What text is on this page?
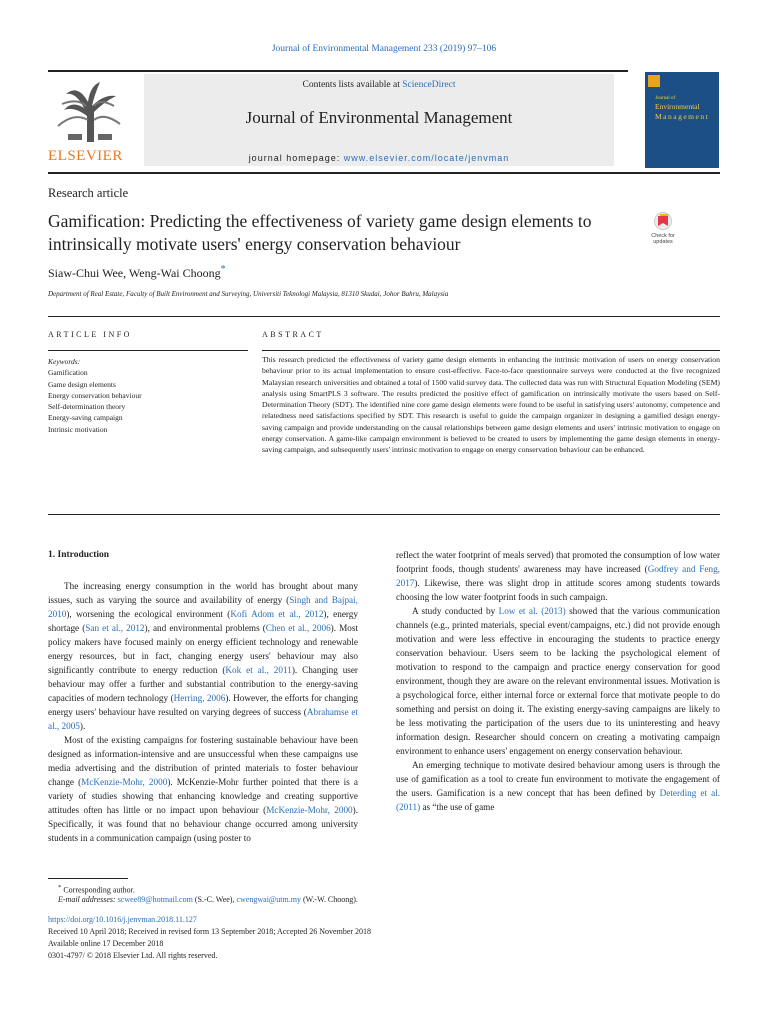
Journal of Environmental Management 233 (2019) 97–106
ELSEVIER
Contents lists available at ScienceDirect
Journal of Environmental Management
journal homepage: www.elsevier.com/locate/jenvman
Journal of
Environmental
Management
Research article
Gamification: Predicting the effectiveness of variety game design elements to intrinsically motivate users' energy conservation behaviour	Check for
updates
Siaw-Chui Wee, Weng-Wai Choong*
Department of Real Estate, Faculty of Built Environment and Surveying, Universiti Teknologi Malaysia, 81310 Skudai, Johor Bahru, Malaysia
ARTICLE INFO	ABSTRACT
Keywords:
Gamification
Game design elements
Energy conservation behaviour
Self-determination theory
Energy-saving campaign
Intrinsic motivation
This research predicted the effectiveness of variety game design elements in enhancing the intrinsic motivation of users on energy conservation behaviour prior to its actual implementation to ensure cost-effective. Face-to-face questionnaire surveys were conducted at the five recognized Malaysian research universities and obtained a total of 1500 valid survey data. The collected data was run with Structural Equation Modeling (SEM) analysis using SmartPLS 3 software. The results predicted the positive effect of gamification on intrinsically motivate the users based on Self-Determination Theory (SDT). The identified nine core game design elements were found to be useful in satisfying users' autonomy, competence and relatedness need satisfactions specified by SDT. This research is useful to guide the campaign organizer in designing a gamified design energy-saving campaign and provide understanding on the causal relationships between game design elements and users' intrinsic motivation to engage on energy conservation. A game-like campaign environment is believed to be created to users by implementing the game design elements in energy-saving campaign, and subsequently users' intrinsic motivation to engage on energy conservation behaviour can be enhanced.
1. Introduction

The increasing energy consumption in the world has brought about many issues, such as varying the source and availability of energy (Singh and Bajpai, 2010), worsening the ecological environment (Kofi Adom et al., 2012), energy shortage (San et al., 2012), and environmental problems (Chen et al., 2006). Most policy makers have focused mainly on energy efficient technology and renewable energy resources, but in fact, changing energy users' behaviour may also significantly contribute to energy reduction (Kok et al., 2011). Changing user behaviour may offer a further and substantial contribution to the energy-saving capacities of modern technology (Herring, 2006). However, the efforts for changing energy users' behaviour have resulted on varying degrees of success (Abrahamse et al., 2005).

Most of the existing campaigns for fostering sustainable behaviour have been designed as information-intensive and are unsuccessful when these campaigns use media advertising and the distribution of printed materials to foster behaviour change (McKenzie-Mohr, 2000). McKenzie-Mohr further pointed that there is a variety of studies showing that enhancing knowledge and creating supportive attitudes often has little or no impact upon behaviour (McKenzie-Mohr, 2000). Specifically, it was found that no behaviour change occurred among university students in a communication campaign (using poster to

reflect the water footprint of meals served) that promoted the consumption of low water footprint foods, though students' awareness may have increased (Godfrey and Feng, 2017). Likewise, there was slight drop in attitude scores among students towards choosing the low water footprint foods in such campaign.

A study conducted by Low et al. (2013) showed that the various communication channels (e.g., printed materials, special event/campaigns, etc.) did not provide enough motivation and were less effective in encouraging the students to practice energy conservation behaviour. Users seem to be lacking the psychological element of motivation to respond to the campaign and practice energy conservation for good environment, though they are aware on the relevant environmental issues. Motivation is a psychological force, either internal force or external force that motivate people to do something and persist on doing it. The existing energy-saving campaigns are likely to be less motivating the participation of the users due to its uninteresting and heavy information design. Researcher should concern on creating a motivating campaign environment to enhance users' engagement on energy conservation behaviour.

An emerging technique to motivate desired behaviour among users is through the use of gamification as a tool to create fun environment to motivate the engagement of the users. Gamification is a new concept that has been defined by Deterding et al. (2011) as “the use of game

* Corresponding author.
E-mail addresses: scwee89@hotmail.com (S.-C. Wee), cwengwai@utm.my (W.-W. Choong).
https://doi.org/10.1016/j.jenvman.2018.11.127
Received 10 April 2018; Received in revised form 13 September 2018; Accepted 26 November 2018
Available online 17 December 2018
0301-4797/ © 2018 Elsevier Ltd. All rights reserved.
